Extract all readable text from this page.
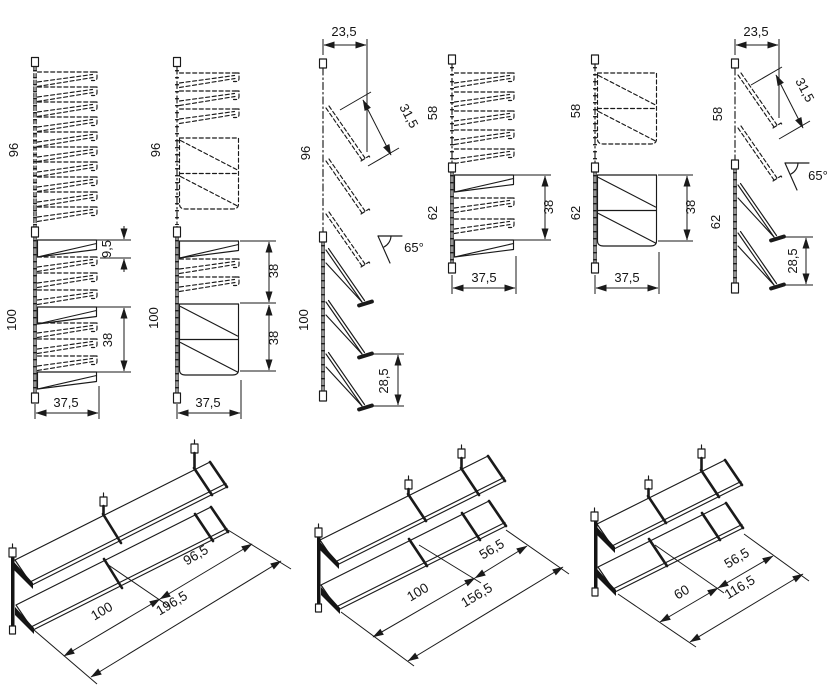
96
100
9,5
38
37,5
96
100
38
38
37,5
23,5
31,5
65°
28,5
96
100
58
62	38
37,5
58
62	38
37,5
23,5
31,5
65°
28,5
58
62
100
96,5
196,5	100
56,5
156,5	60
56,5
116,5
